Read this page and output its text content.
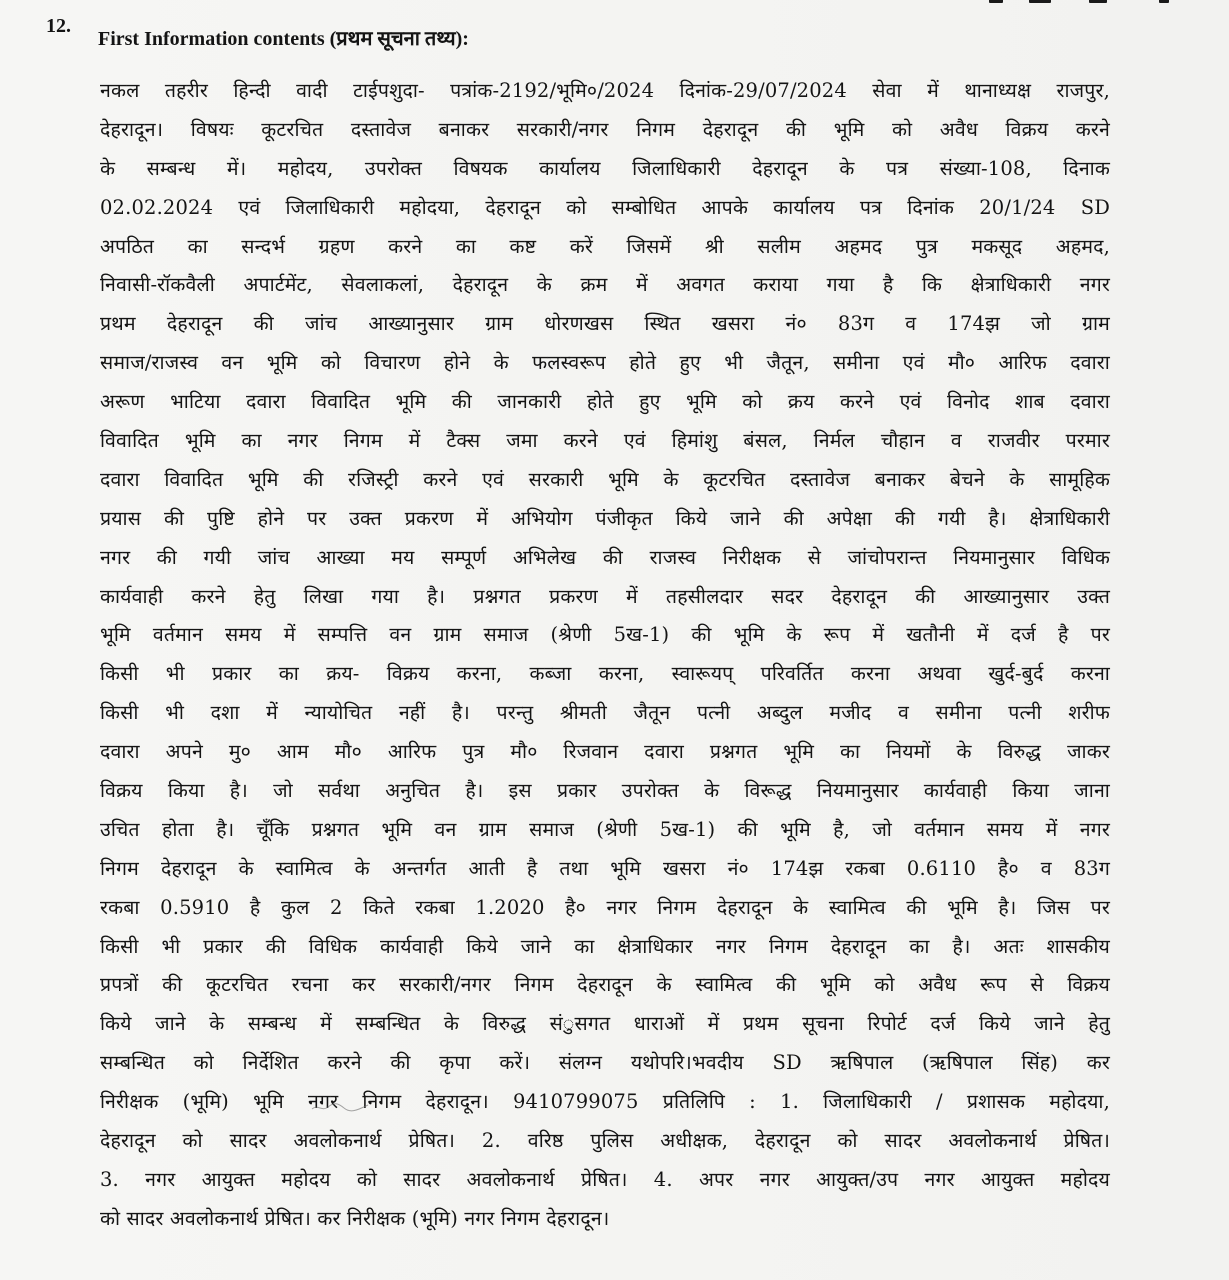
12.
First Information contents (प्रथम सूचना तथ्य):
नकल तहरीर हिन्दी वादी टाईपशुदा- पत्रांक-2192/भूमि०/2024 दिनांक-29/07/2024 सेवा में थानाध्यक्ष राजपुर,
देहरादून। विषयः कूटरचित दस्तावेज बनाकर सरकारी/नगर निगम देहरादून की भूमि को अवैध विक्रय करने
के सम्बन्ध में। महोदय, उपरोक्त विषयक कार्यालय जिलाधिकारी देहरादून के पत्र संख्या-108, दिनाक
02.02.2024 एवं जिलाधिकारी महोदया, देहरादून को सम्बोधित आपके कार्यालय पत्र दिनांक 20/1/24 SD
अपठित का सन्दर्भ ग्रहण करने का कष्ट करें जिसमें श्री सलीम अहमद पुत्र मकसूद अहमद,
निवासी-रॉकवैली अपार्टमेंट, सेवलाकलां, देहरादून के क्रम में अवगत कराया गया है कि क्षेत्राधिकारी नगर
प्रथम देहरादून की जांच आख्यानुसार ग्राम धोरणखस स्थित खसरा नं० 83ग व 174झ जो ग्राम
समाज/राजस्व वन भूमि को विचारण होने के फलस्वरूप होते हुए भी जैतून, समीना एवं मौ० आरिफ दवारा
अरूण भाटिया दवारा विवादित भूमि की जानकारी होते हुए भूमि को क्रय करने एवं विनोद शाब दवारा
विवादित भूमि का नगर निगम में टैक्स जमा करने एवं हिमांशु बंसल, निर्मल चौहान व राजवीर परमार
दवारा विवादित भूमि की रजिस्ट्री करने एवं सरकारी भूमि के कूटरचित दस्तावेज बनाकर बेचने के सामूहिक
प्रयास की पुष्टि होने पर उक्त प्रकरण में अभियोग पंजीकृत किये जाने की अपेक्षा की गयी है। क्षेत्राधिकारी
नगर की गयी जांच आख्या मय सम्पूर्ण अभिलेख की राजस्व निरीक्षक से जांचोपरान्त नियमानुसार विधिक
कार्यवाही करने हेतु लिखा गया है। प्रश्नगत प्रकरण में तहसीलदार सदर देहरादून की आख्यानुसार उक्त
भूमि वर्तमान समय में सम्पत्ति वन ग्राम समाज (श्रेणी 5ख-1) की भूमि के रूप में खतौनी में दर्ज है पर
किसी भी प्रकार का क्रय- विक्रय करना, कब्जा करना, स्वारूयप् परिवर्तित करना अथवा खुर्द-बुर्द करना
किसी भी दशा में न्यायोचित नहीं है। परन्तु श्रीमती जैतून पत्नी अब्दुल मजीद व समीना पत्नी शरीफ
दवारा अपने मु० आम मौ० आरिफ पुत्र मौ० रिजवान दवारा प्रश्नगत भूमि का नियमों के विरुद्ध जाकर
विक्रय किया है। जो सर्वथा अनुचित है। इस प्रकार उपरोक्त के विरूद्ध नियमानुसार कार्यवाही किया जाना
उचित होता है। चूँकि प्रश्नगत भूमि वन ग्राम समाज (श्रेणी 5ख-1) की भूमि है, जो वर्तमान समय में नगर
निगम देहरादून के स्वामित्व के अन्तर्गत आती है तथा भूमि खसरा नं० 174झ रकबा 0.6110 है० व 83ग
रकबा 0.5910 है कुल 2 किते रकबा 1.2020 है० नगर निगम देहरादून के स्वामित्व की भूमि है। जिस पर
किसी भी प्रकार की विधिक कार्यवाही किये जाने का क्षेत्राधिकार नगर निगम देहरादून का है। अतः शासकीय
प्रपत्रों की कूटरचित रचना कर सरकारी/नगर निगम देहरादून के स्वामित्व की भूमि को अवैध रूप से विक्रय
किये जाने के सम्बन्ध में सम्बन्धित के विरुद्ध संुसगत धाराओं में प्रथम सूचना रिपोर्ट दर्ज किये जाने हेतु
सम्बन्धित को निर्देशित करने की कृपा करें। संलग्न यथोपरि।भवदीय SD ऋषिपाल (ऋषिपाल सिंह) कर
निरीक्षक (भूमि) भूमि नगर निगम देहरादून। 9410799075 प्रतिलिपि : 1. जिलाधिकारी / प्रशासक महोदया,
देहरादून को सादर अवलोकनार्थ प्रेषित। 2. वरिष्ठ पुलिस अधीक्षक, देहरादून को सादर अवलोकनार्थ प्रेषित।
3. नगर आयुक्त महोदय को सादर अवलोकनार्थ प्रेषित। 4. अपर नगर आयुक्त/उप नगर आयुक्त महोदय
को सादर अवलोकनार्थ प्रेषित। कर निरीक्षक (भूमि) नगर निगम देहरादून।
